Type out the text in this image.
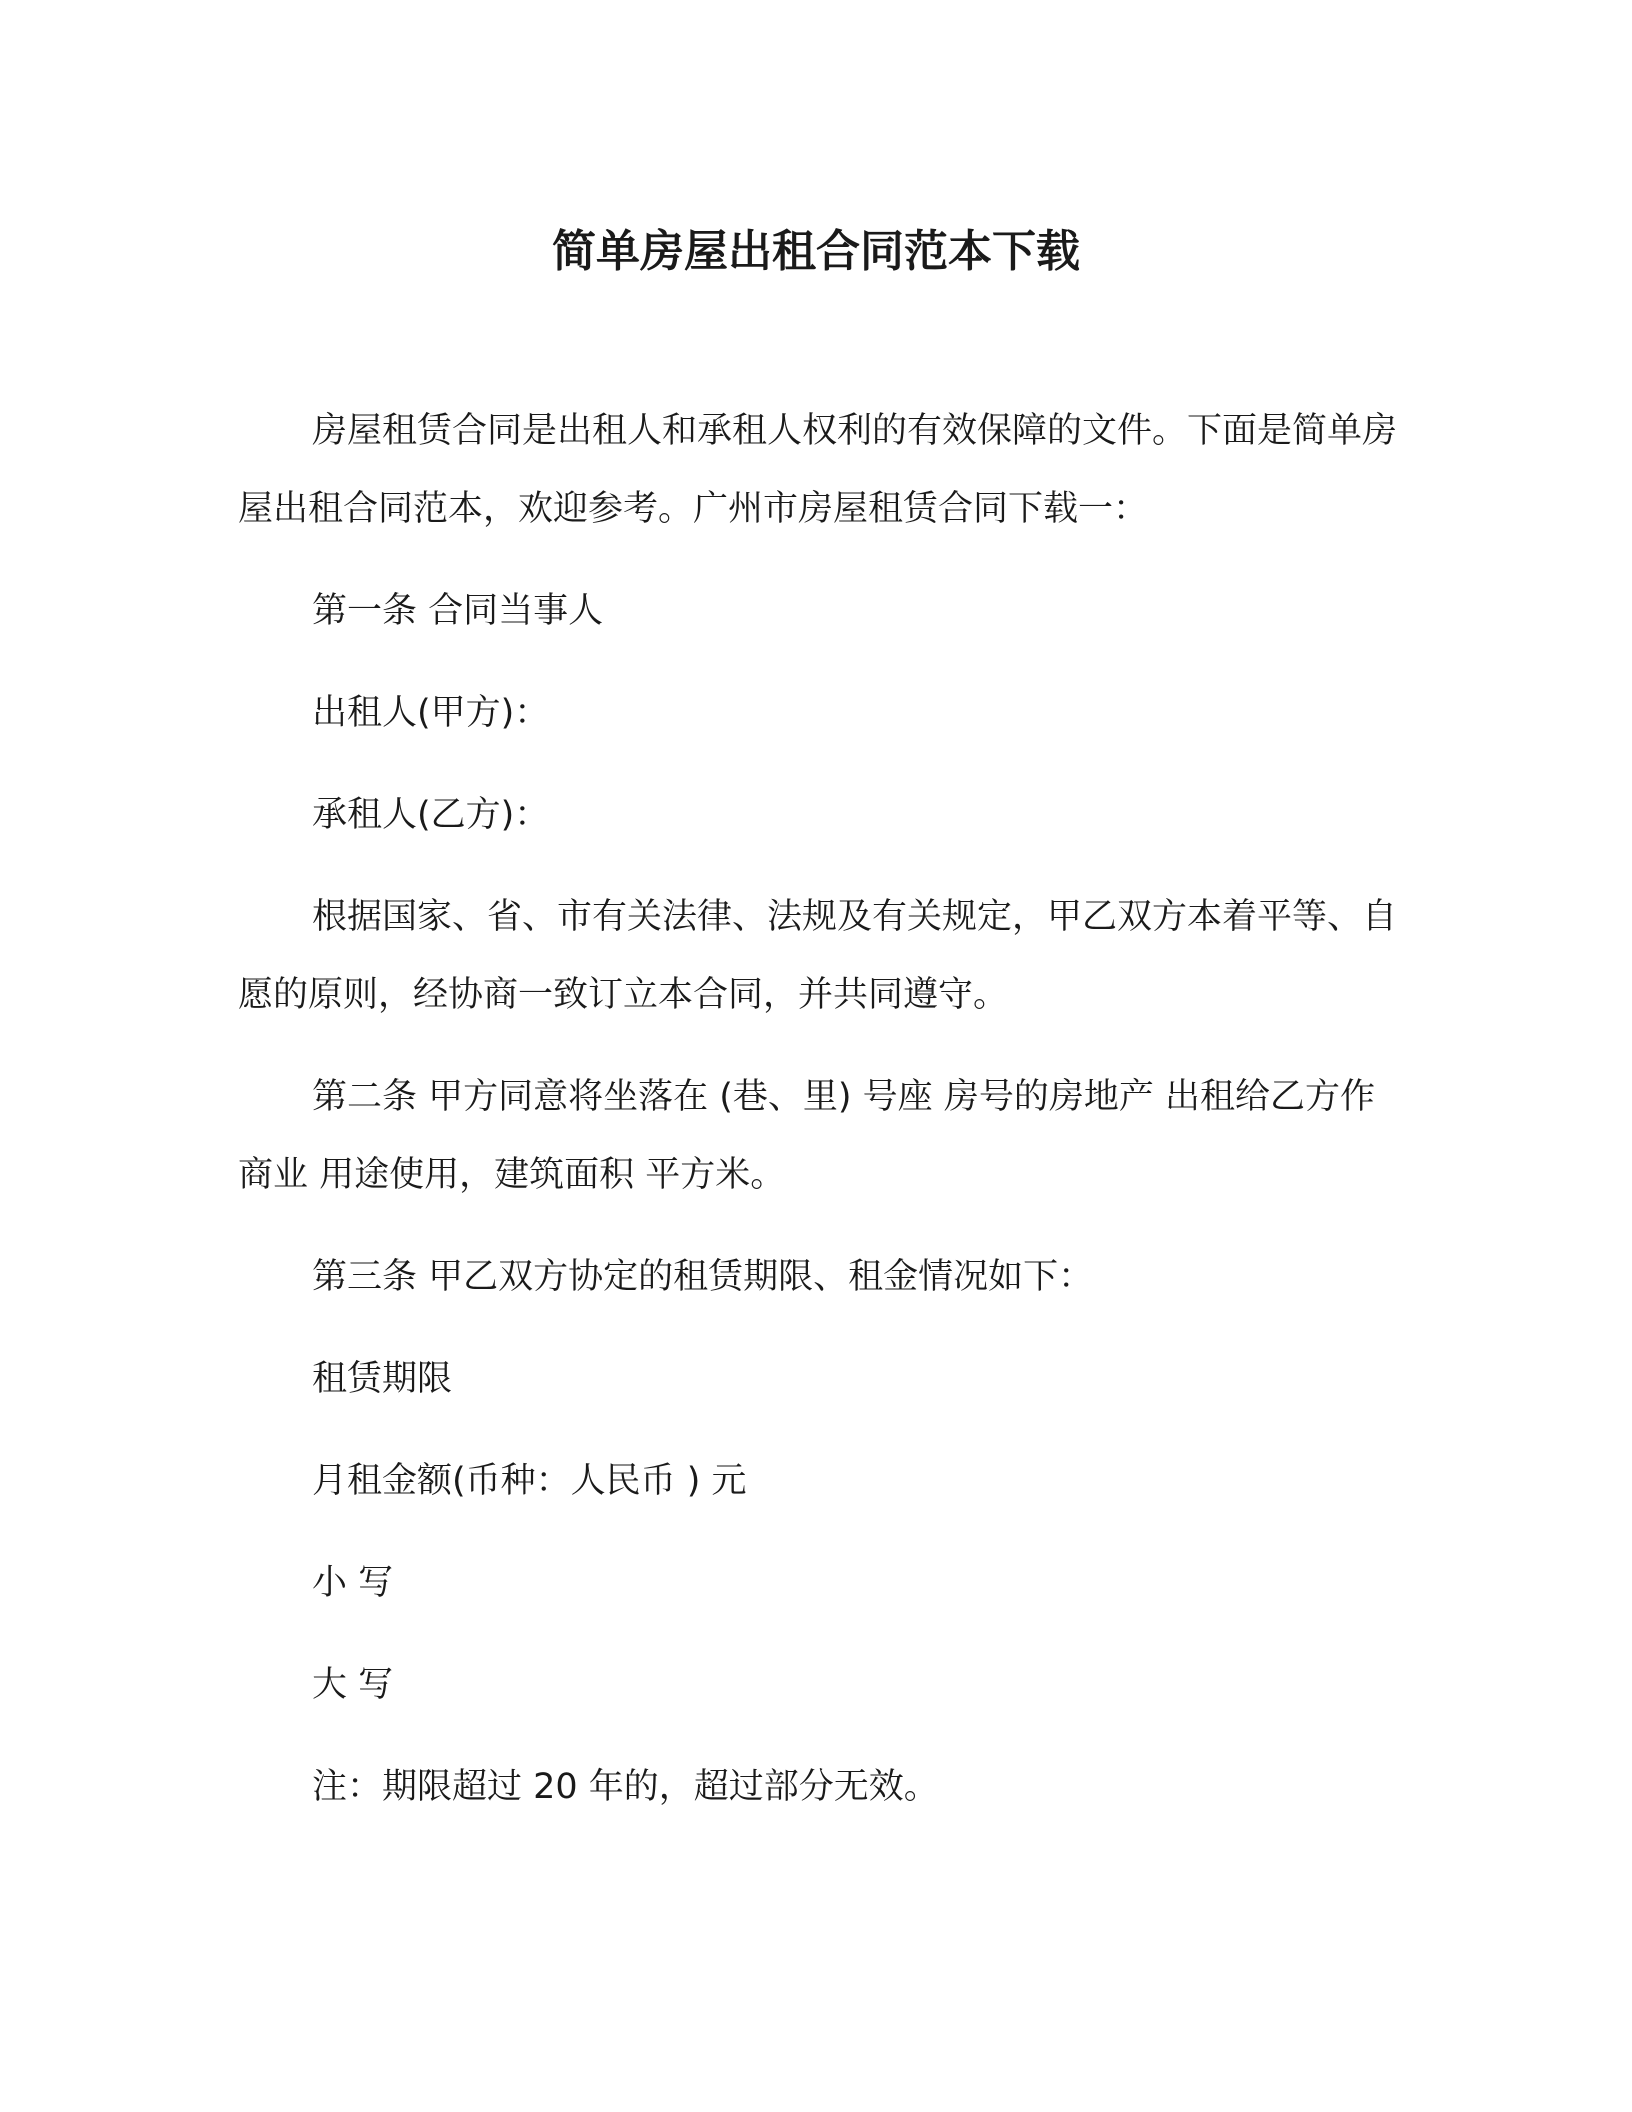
简单房屋出租合同范本下载

房屋租赁合同是出租人和承租人权利的有效保障的文件。下面是简单房屋出租合同范本，欢迎参考。广州市房屋租赁合同下载一：

第一条 合同当事人

出租人(甲方)：

承租人(乙方)：

根据国家、省、市有关法律、法规及有关规定，甲乙双方本着平等、自愿的原则，经协商一致订立本合同，并共同遵守。

第二条 甲方同意将坐落在 (巷、里) 号座 房号的房地产 出租给乙方作 商业 用途使用，建筑面积 平方米。

第三条 甲乙双方协定的租赁期限、租金情况如下：

租赁期限

月租金额(币种：人民币 ) 元

小 写

大 写

注：期限超过 20 年的，超过部分无效。
